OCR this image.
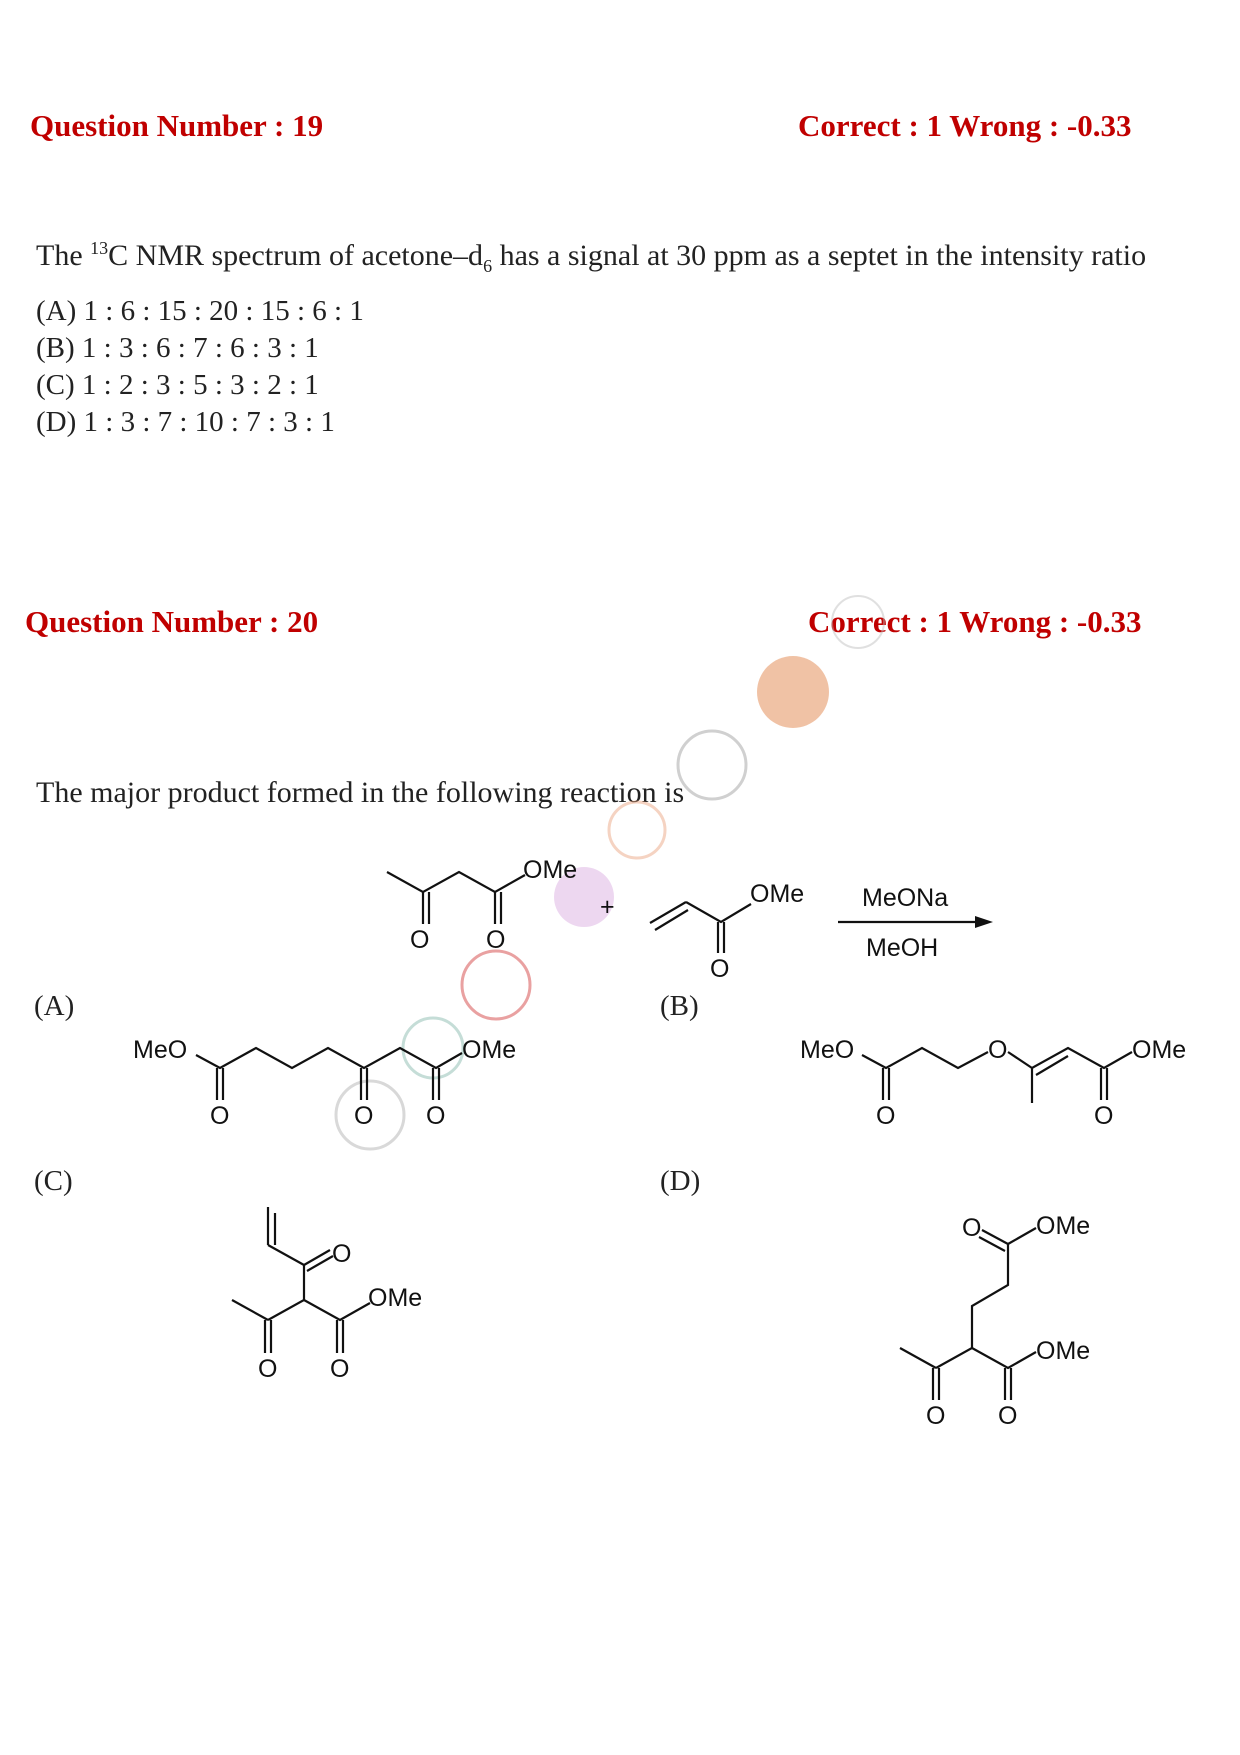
Question Number : 19	Correct : 1 Wrong : -0.33
The $^{13}$C NMR spectrum of acetone–$d_6$ has a signal at 30 ppm as a septet in the intensity ratio
(A) 1 : 6 : 15 : 20 : 15 : 6 : 1
(B) 1 : 3 : 6 : 7 : 6 : 3 : 1
(C) 1 : 2 : 3 : 5 : 3 : 2 : 1
(D) 1 : 3 : 7 : 10 : 7 : 3 : 1
Question Number : 20	Correct : 1 Wrong : -0.33
The major product formed in the following reaction is
(A)	(B)
(C)	(D)
O O
OMe
+
O
OMe MeONa
MeOH
MeO
O	O O
OMe	MeO
O
O
O
OMe
O
O O
OMe
O OMe
O O
OMe
